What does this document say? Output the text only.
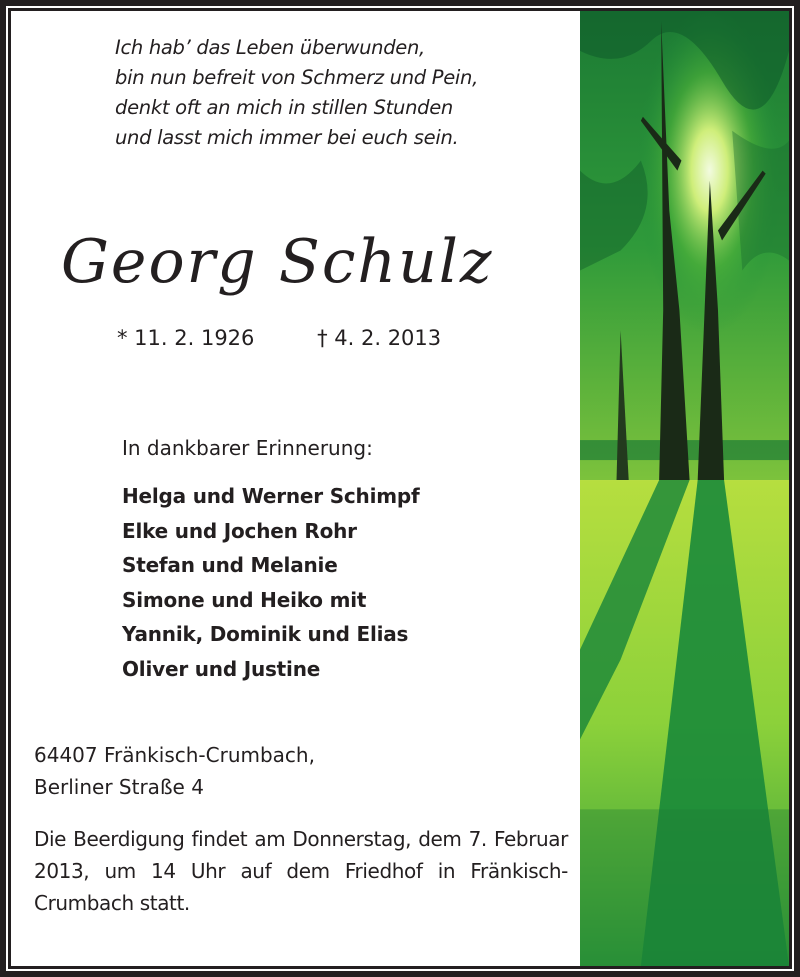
Ich hab’ das Leben überwunden,
bin nun befreit von Schmerz und Pein,
denkt oft an mich in stillen Stunden
und lasst mich immer bei euch sein.
Georg Schulz
* 11. 2. 1926	† 4. 2. 2013
In dankbarer Erinnerung:
Helga und Werner Schimpf
Elke und Jochen Rohr
Stefan und Melanie
Simone und Heiko mit
Yannik, Dominik und Elias
Oliver und Justine
64407 Fränkisch-Crumbach,
Berliner Straße 4
Die Beerdigung findet am Donnerstag, dem 7. Februar 2013, um 14 Uhr auf dem Friedhof in Fränkisch-Crumbach statt.
